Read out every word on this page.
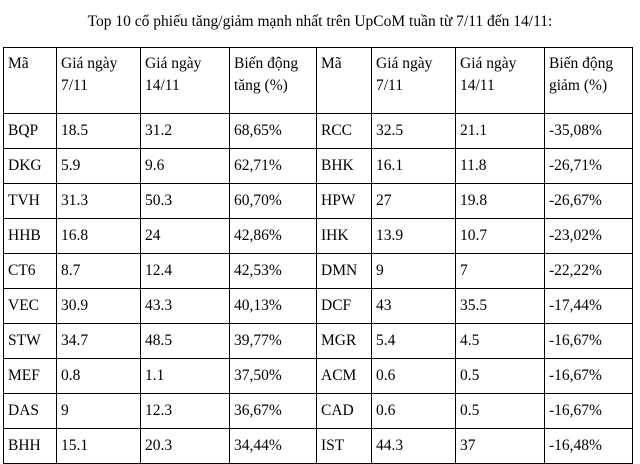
Top 10 cổ phiếu tăng/giảm mạnh nhất trên UpCoM tuần từ 7/11 đến 14/11:
Mã	Giá ngày 7/11	Giá ngày 14/11	Biến động tăng (%)	Mã	Giá ngày 7/11	Giá ngày 14/11	Biến động giảm (%)
BQP	18.5	31.2	68,65%	RCC	32.5	21.1	-35,08%
DKG	5.9	9.6	62,71%	BHK	16.1	11.8	-26,71%
TVH	31.3	50.3	60,70%	HPW	27	19.8	-26,67%
HHB	16.8	24	42,86%	IHK	13.9	10.7	-23,02%
CT6	8.7	12.4	42,53%	DMN	9	7	-22,22%
VEC	30.9	43.3	40,13%	DCF	43	35.5	-17,44%
STW	34.7	48.5	39,77%	MGR	5.4	4.5	-16,67%
MEF	0.8	1.1	37,50%	ACM	0.6	0.5	-16,67%
DAS	9	12.3	36,67%	CAD	0.6	0.5	-16,67%
BHH	15.1	20.3	34,44%	IST	44.3	37	-16,48%
